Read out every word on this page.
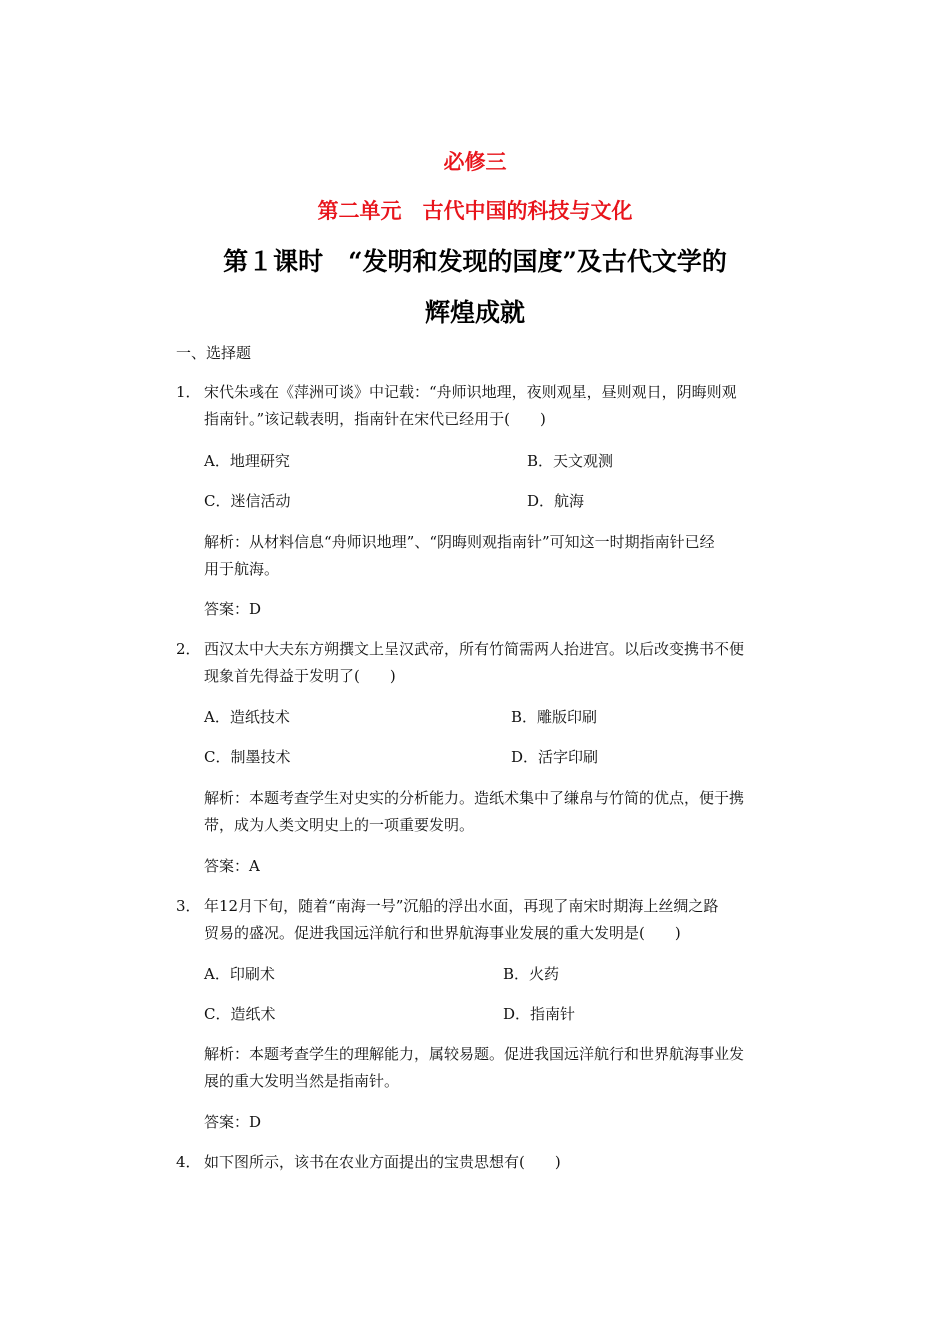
必修三
第二单元　古代中国的科技与文化
第１课时　“发明和发现的国度”及古代文学的
辉煌成就
一、选择题
1． 宋代朱彧在《萍洲可谈》中记载：“舟师识地理，夜则观星，昼则观日，阴晦则观
指南针。”该记载表明，指南针在宋代已经用于(　　)
A．地理研究	B．天文观测
C．迷信活动	D．航海
解析：从材料信息“舟师识地理”、“阴晦则观指南针”可知这一时期指南针已经
用于航海。
答案：D
2． 西汉太中大夫东方朔撰文上呈汉武帝，所有竹简需两人抬进宫。以后改变携书不便
现象首先得益于发明了(　　)
A．造纸技术	B．雕版印刷
C．制墨技术	D．活字印刷
解析：本题考查学生对史实的分析能力。造纸术集中了缣帛与竹简的优点，便于携
带，成为人类文明史上的一项重要发明。
答案：A
3． 年12月下旬，随着“南海一号”沉船的浮出水面，再现了南宋时期海上丝绸之路
贸易的盛况。促进我国远洋航行和世界航海事业发展的重大发明是(　　)
A．印刷术	B．火药
C．造纸术	D．指南针
解析：本题考查学生的理解能力，属较易题。促进我国远洋航行和世界航海事业发
展的重大发明当然是指南针。
答案：D
4． 如下图所示，该书在农业方面提出的宝贵思想有(　　)
